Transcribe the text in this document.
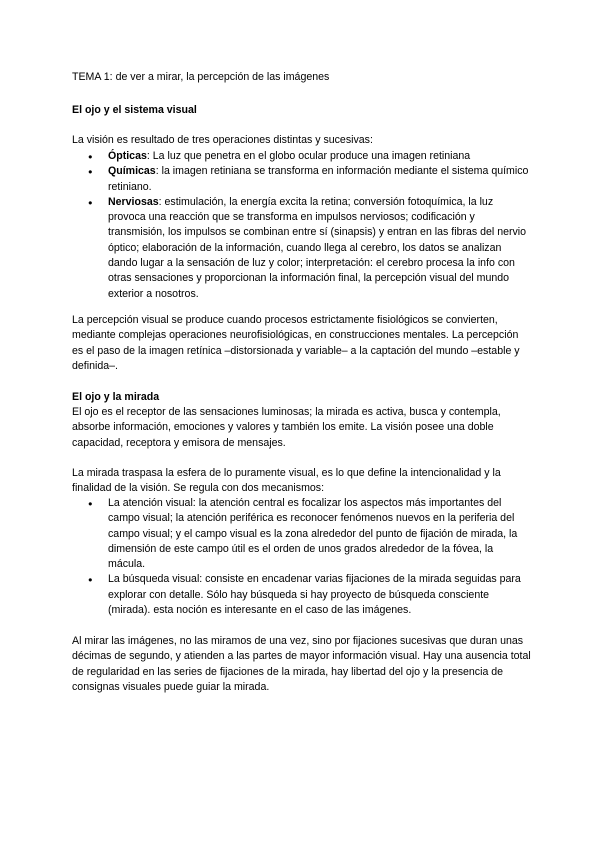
TEMA 1: de ver a mirar, la percepción de las imágenes

El ojo y el sistema visual

La visión es resultado de tres operaciones distintas y sucesivas:

● Ópticas: La luz que penetra en el globo ocular produce una imagen retiniana
● Químicas: la imagen retiniana se transforma en información mediante el sistema químico retiniano.
● Nerviosas: estimulación, la energía excita la retina; conversión fotoquímica, la luz provoca una reacción que se transforma en impulsos nerviosos; codificación y transmisión, los impulsos se combinan entre sí (sinapsis) y entran en las fibras del nervio óptico; elaboración de la información, cuando llega al cerebro, los datos se analizan dando lugar a la sensación de luz y color; interpretación: el cerebro procesa la info con otras sensaciones y proporcionan la información final, la percepción visual del mundo exterior a nosotros.

La percepción visual se produce cuando procesos estrictamente fisiológicos se convierten, mediante complejas operaciones neurofisiológicas, en construcciones mentales. La percepción es el paso de la imagen retínica –distorsionada y variable– a la captación del mundo –estable y definida–.

El ojo y la mirada

El ojo es el receptor de las sensaciones luminosas; la mirada es activa, busca y contempla, absorbe información, emociones y valores y también los emite. La visión posee una doble capacidad, receptora y emisora de mensajes.

La mirada traspasa la esfera de lo puramente visual, es lo que define la intencionalidad y la finalidad de la visión. Se regula con dos mecanismos:

● La atención visual: la atención central es focalizar los aspectos más importantes del campo visual; la atención periférica es reconocer fenómenos nuevos en la periferia del campo visual; y el campo visual es la zona alrededor del punto de fijación de mirada, la dimensión de este campo útil es el orden de unos grados alrededor de la fóvea, la mácula.
● La búsqueda visual: consiste en encadenar varias fijaciones de la mirada seguidas para explorar con detalle. Sólo hay búsqueda si hay proyecto de búsqueda consciente (mirada). esta noción es interesante en el caso de las imágenes.

Al mirar las imágenes, no las miramos de una vez, sino por fijaciones sucesivas que duran unas décimas de segundo, y atienden a las partes de mayor información visual. Hay una ausencia total de regularidad en las series de fijaciones de la mirada, hay libertad del ojo y la presencia de consignas visuales puede guiar la mirada.
